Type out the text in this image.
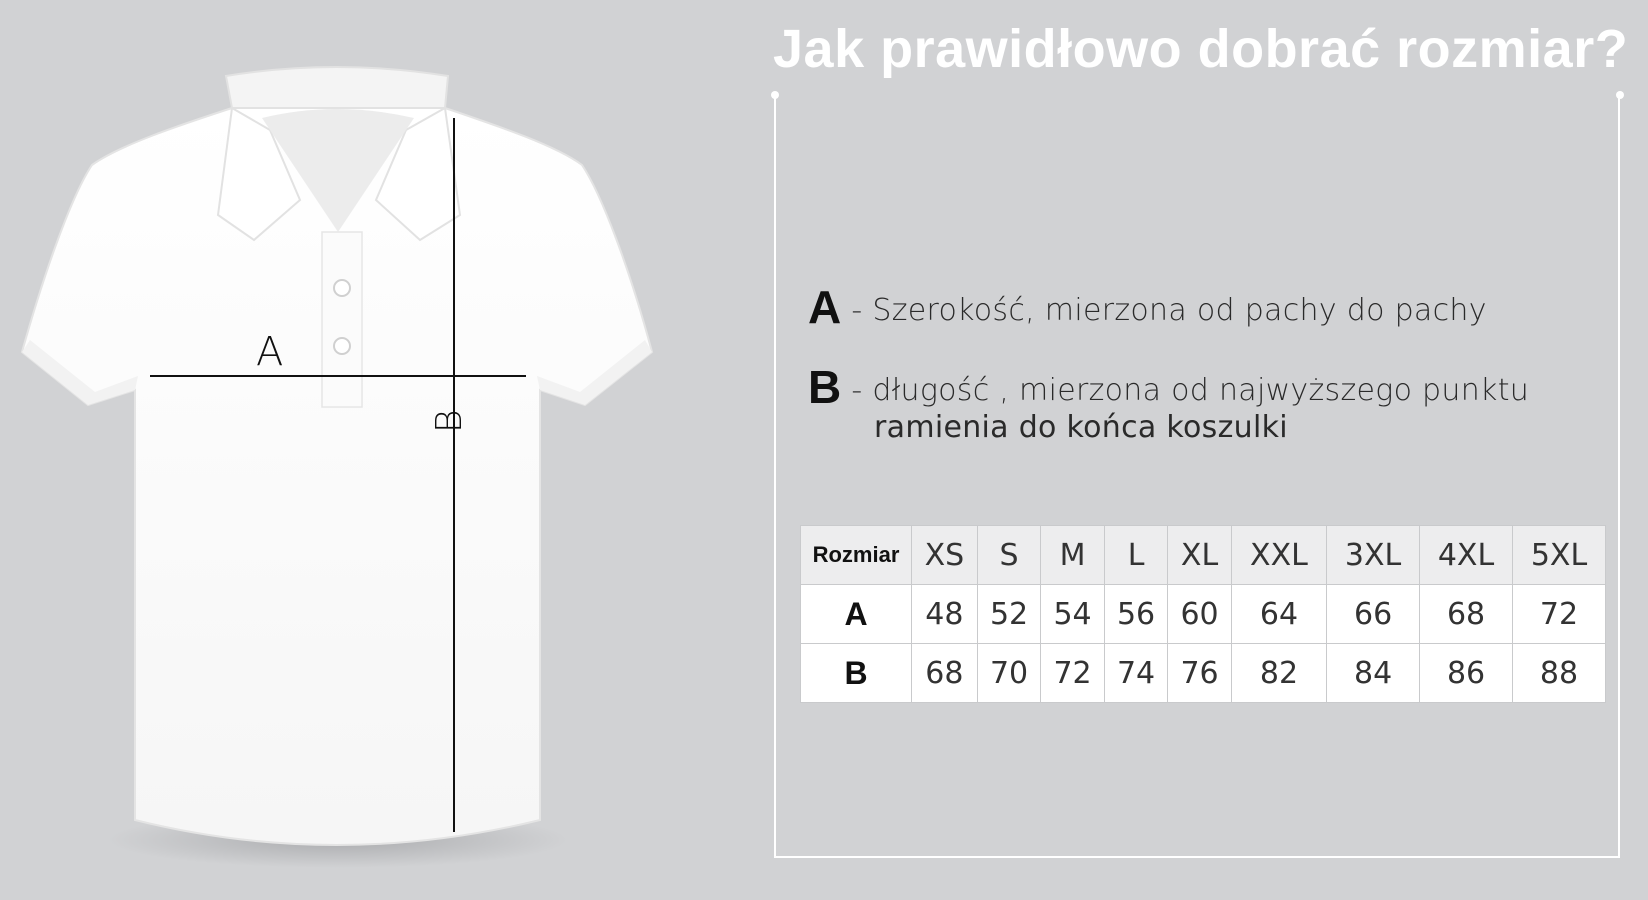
A
B
Jak prawidłowo dobrać rozmiar?
A - Szerokość, mierzona od pachy do pachy
B - długość , mierzona od najwyższego punktu
ramienia do końca koszulki
Rozmiar	XS	S	M	L	XL	XXL	3XL	4XL	5XL
A	48	52	54	56	60	64	66	68	72
B	68	70	72	74	76	82	84	86	88
